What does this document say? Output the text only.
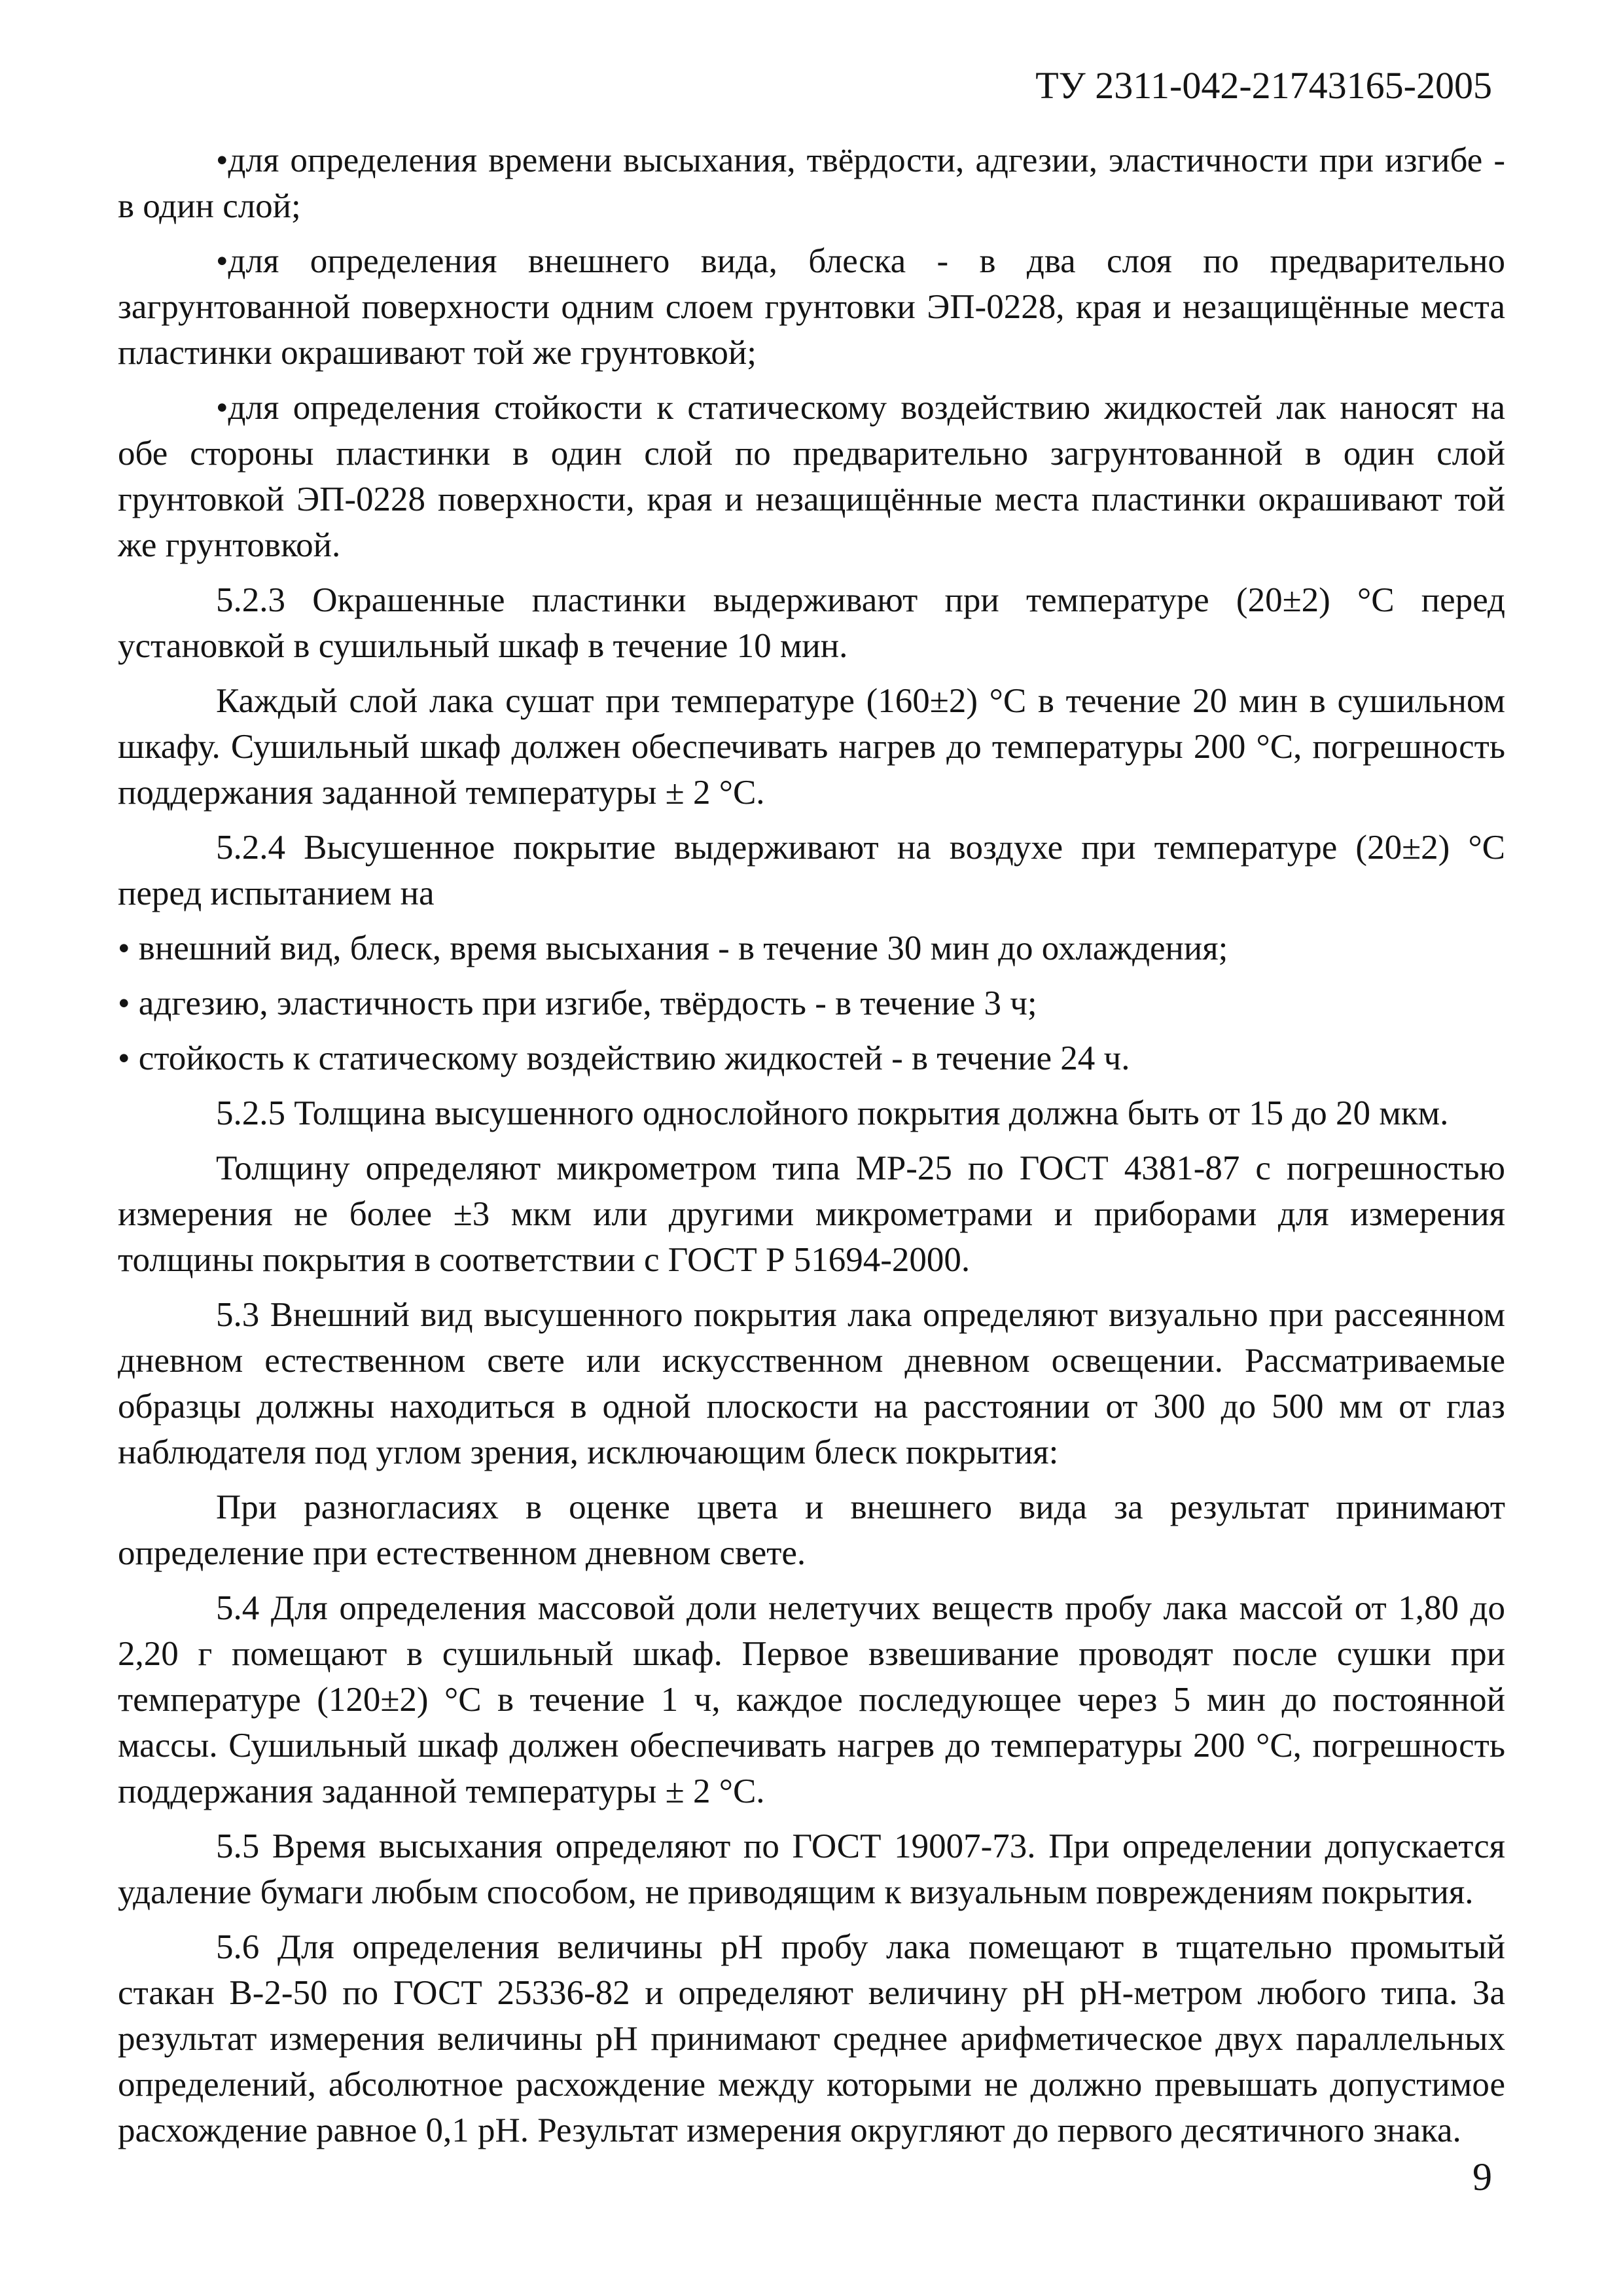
ТУ 2311-042-21743165-2005

•для определения времени высыхания, твёрдости, адгезии, эластичности при изгибе - в один слой;

•для определения внешнего вида, блеска - в два слоя по предварительно загрунтованной поверхности одним слоем грунтовки ЭП-0228, края и незащищённые места пластинки окрашивают той же грунтовкой;

•для определения стойкости к статическому воздействию жидкостей лак наносят на обе стороны пластинки в один слой по предварительно загрунтованной в один слой грунтовкой ЭП-0228 поверхности, края и незащищённые места пластинки окрашивают той же грунтовкой.

5.2.3 Окрашенные пластинки выдерживают при температуре (20±2) °С перед установкой в сушильный шкаф в течение 10 мин.

Каждый слой лака сушат при температуре (160±2) °С в течение 20 мин в сушильном шкафу. Сушильный шкаф должен обеспечивать нагрев до температуры 200 °С, погрешность поддержания заданной температуры ± 2 °С.

5.2.4 Высушенное покрытие выдерживают на воздухе при температуре (20±2) °С перед испытанием на

• внешний вид, блеск, время высыхания - в течение 30 мин до охлаждения;

• адгезию, эластичность при изгибе, твёрдость - в течение 3 ч;

• стойкость к статическому воздействию жидкостей - в течение 24 ч.

5.2.5 Толщина высушенного однослойного покрытия должна быть от 15 до 20 мкм.

Толщину определяют микрометром типа МР-25 по ГОСТ 4381-87 с погрешностью измерения не более ±3 мкм или другими микрометрами и приборами для измерения толщины покрытия в соответствии с ГОСТ Р 51694-2000.

5.3 Внешний вид высушенного покрытия лака определяют визуально при рассеянном дневном естественном свете или искусственном дневном освещении. Рассматриваемые образцы должны находиться в одной плоскости на расстоянии от 300 до 500 мм от глаз наблюдателя под углом зрения, исключающим блеск покрытия:

При разногласиях в оценке цвета и внешнего вида за результат принимают определение при естественном дневном свете.

5.4 Для определения массовой доли нелетучих веществ пробу лака массой от 1,80 до 2,20 г помещают в сушильный шкаф. Первое взвешивание проводят после сушки при температуре (120±2) °С в течение 1 ч, каждое последующее через 5 мин до постоянной массы. Сушильный шкаф должен обеспечивать нагрев до температуры 200 °С, погрешность поддержания заданной температуры ± 2 °С.

5.5 Время высыхания определяют по ГОСТ 19007-73. При определении допускается удаление бумаги любым способом, не приводящим к визуальным повреждениям покрытия.

5.6 Для определения величины рН пробу лака помещают в тщательно промытый стакан В-2-50 по ГОСТ 25336-82 и определяют величину рН рН-метром любого типа. За результат измерения величины рН принимают среднее арифметическое двух параллельных определений, абсолютное расхождение между которыми не должно превышать допустимое расхождение равное 0,1 рН. Результат измерения округляют до первого десятичного знака.

9
